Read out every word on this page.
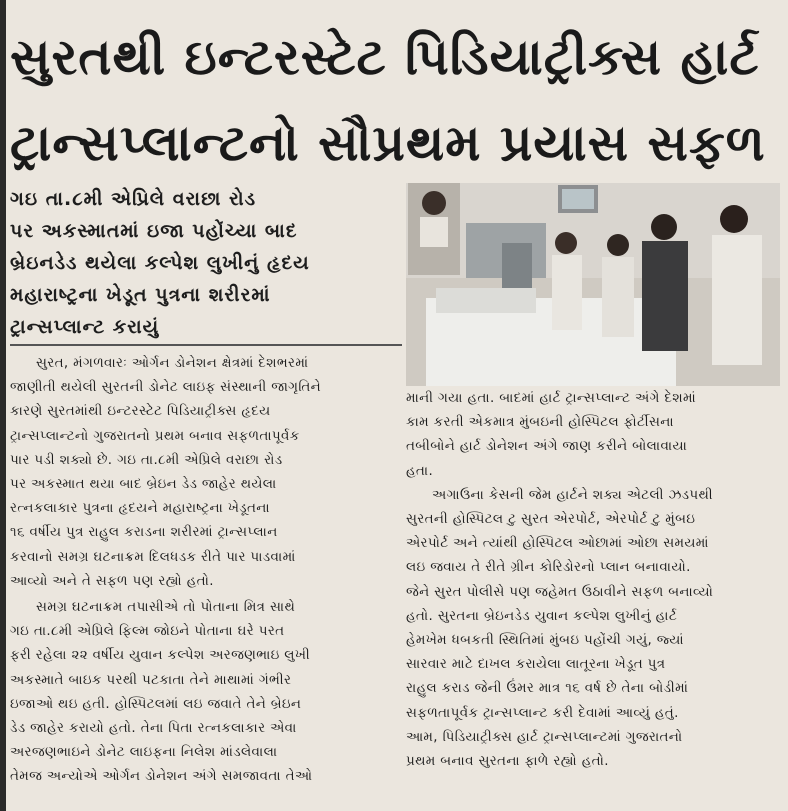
સુરતથી ઇન્ટરસ્ટેટ પિડિયાટ્રીક્સ હાર્ટ
ટ્રાન્સપ્લાન્ટનો સૌપ્રથમ પ્રયાસ સફળ
ગઇ તા.૮મી એપ્રિલે વરાછા રોડ
પર અકસ્માતમાં ઇજા પહોંચ્યા બાદ
બ્રેઇનડેડ થયેલા કલ્પેશ લુખીનું હૃદય
મહારાષ્ટ્રના ખેડૂત પુત્રના શરીરમાં
ટ્રાન્સપ્લાન્ટ કરાયું
સુરત, મંગળવારઃ ઓર્ગન ડોનેશન ક્ષેત્રમાં દેશભરમાં
જાણીતી થયેલી સુરતની ડોનેટ લાઇફ સંસ્થાની જાગૃતિને
કારણે સુરતમાંથી ઇન્ટરસ્ટેટ પિડિયાટ્રીક્સ હૃદય
ટ્રાન્સપ્લાન્ટનો ગુજરાતનો પ્રથમ બનાવ સફળતાપૂર્વક
પાર પડી શક્યો છે. ગઇ તા.૮મી એપ્રિલે વરાછા રોડ
પર અકસ્માત થયા બાદ બ્રેઇન ડેડ જાહેર થયેલા
રત્નકલાકાર પુત્રના હૃદયને મહારાષ્ટ્રના ખેડૂતના
૧૬ વર્ષીય પુત્ર રાહુલ કરાડના શરીરમાં ટ્રાન્સપ્લાન
કરવાનો સમગ્ર ઘટનાક્રમ દિલધડક રીતે પાર પાડવામાં
આવ્યો અને તે સફળ પણ રહ્યો હતો.
સમગ્ર ઘટનાક્રમ તપાસીએ તો પોતાના મિત્ર સાથે
ગઇ તા.૮મી એપ્રિલે ફિલ્મ જોઇને પોતાના ઘરે પરત
ફરી રહેલા ૨૨ વર્ષીય યુવાન કલ્પેશ અરજણભાઇ લુખી
અકસ્માતે બાઇક પરથી પટકાતા તેને માથામાં ગંભીર
ઇજાઓ થઇ હતી. હોસ્પિટલમાં લઇ જવાતે તેને બ્રેઇન
ડેડ જાહેર કરાયો હતો. તેના પિતા રત્નકલાકાર એવા
અરજણભાઇને ડોનેટ લાઇફના નિલેશ માંડલેવાલા
તેમજ અન્યોએ ઓર્ગન ડોનેશન અંગે સમજાવતા તેઓ
માની ગયા હતા. બાદમાં હાર્ટ ટ્રાન્સપ્લાન્ટ અંગે દેશમાં
કામ કરતી એકમાત્ર મુંબઇની હોસ્પિટલ ફોર્ટીસના
તબીબોને હાર્ટ ડોનેશન અંગે જાણ કરીને બોલાવાયા
હતા.
અગાઉના કેસની જેમ હાર્ટને શક્ય એટલી ઝડપથી
સુરતની હોસ્પિટલ ટુ સુરત એરપોર્ટ, એરપોર્ટ ટુ મુંબઇ
એરપોર્ટ અને ત્યાંથી હોસ્પિટલ ઓછામાં ઓછા સમયમાં
લઇ જવાય તે રીતે ગ્રીન કોરિડોરનો પ્લાન બનાવાયો.
જેને સુરત પોલીસે પણ જહેમત ઉઠાવીને સફળ બનાવ્યો
હતો. સુરતના બ્રેઇનડેડ યુવાન કલ્પેશ લુખીનું હાર્ટ
હેમખેમ ધબકતી સ્થિતિમાં મુંબઇ પહોંચી ગયું, જ્યાં
સારવાર માટે દાખલ કરાયેલા લાતૂરના ખેડૂત પુત્ર
રાહુલ કરાડ જેની ઉંમર માત્ર ૧૬ વર્ષ છે તેના બોડીમાં
સફળતાપૂર્વક ટ્રાન્સપ્લાન્ટ કરી દેવામાં આવ્યું હતું.
આમ, પિડિયાટ્રીક્સ હાર્ટ ટ્રાન્સપ્લાન્ટમાં ગુજરાતનો
પ્રથમ બનાવ સુરતના ફાળે રહ્યો હતો.
